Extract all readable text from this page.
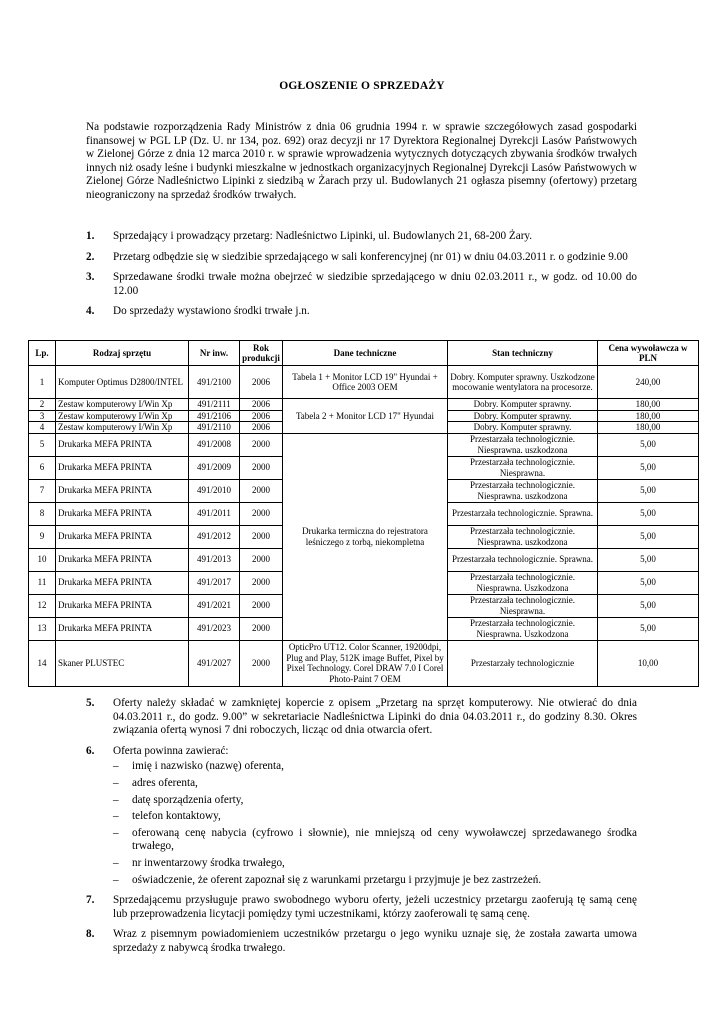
OGŁOSZENIE O SPRZEDAŻY

Na podstawie rozporządzenia Rady Ministrów z dnia 06 grudnia 1994 r. w sprawie szczegółowych zasad gospodarki finansowej w PGL LP (Dz. U. nr 134, poz. 692) oraz decyzji nr 17 Dyrektora Regionalnej Dyrekcji Lasów Państwowych w Zielonej Górze z dnia 12 marca 2010 r. w sprawie wprowadzenia wytycznych dotyczących zbywania środków trwałych innych niż osady leśne i budynki mieszkalne w jednostkach organizacyjnych Regionalnej Dyrekcji Lasów Państwowych w Zielonej Górze Nadleśnictwo Lipinki z siedzibą w Żarach przy ul. Budowlanych 21 ogłasza pisemny (ofertowy) przetarg nieograniczony na sprzedaż środków trwałych.

1. Sprzedający i prowadzący przetarg: Nadleśnictwo Lipinki, ul. Budowlanych 21, 68-200 Żary.
2. Przetarg odbędzie się w siedzibie sprzedającego w sali konferencyjnej (nr 01) w dniu 04.03.2011 r. o godzinie 9.00
3. Sprzedawane środki trwałe można obejrzeć w siedzibie sprzedającego w dniu 02.03.2011 r., w godz. od 10.00 do 12.00
4. Do sprzedaży wystawiono środki trwałe j.n.
Lp.	Rodzaj sprzętu	Nr inw.	Rok produkcji	Dane techniczne	Stan techniczny	Cena wywoławcza w PLN
1	Komputer Optimus D2800/INTEL	491/2100	2006	Tabela 1 + Monitor LCD 19" Hyundai + Office 2003 OEM	Dobry. Komputer sprawny. Uszkodzone mocowanie wentylatora na procesorze.	240,00
2	Zestaw komputerowy I/Win Xp	491/2111	2006	Tabela 2 + Monitor LCD 17" Hyundai	Dobry. Komputer sprawny.	180,00
3	Zestaw komputerowy I/Win Xp	491/2106	2006		Dobry. Komputer sprawny.	180,00
4	Zestaw komputerowy I/Win Xp	491/2110	2006		Dobry. Komputer sprawny.	180,00
5	Drukarka MEFA PRINTA	491/2008	2000	Drukarka termiczna do rejestratora leśniczego z torbą, niekompletna	Przestarzała technologicznie. Niesprawna. uszkodzona	5,00
6	Drukarka MEFA PRINTA	491/2009	2000		Przestarzała technologicznie. Niesprawna.	5,00
7	Drukarka MEFA PRINTA	491/2010	2000		Przestarzała technologicznie. Niesprawna. uszkodzona	5,00
8	Drukarka MEFA PRINTA	491/2011	2000		Przestarzała technologicznie. Sprawna.	5,00
9	Drukarka MEFA PRINTA	491/2012	2000		Przestarzała technologicznie. Niesprawna. uszkodzona	5,00
10	Drukarka MEFA PRINTA	491/2013	2000		Przestarzała technologicznie. Sprawna.	5,00
11	Drukarka MEFA PRINTA	491/2017	2000		Przestarzała technologicznie. Niesprawna. Uszkodzona	5,00
12	Drukarka MEFA PRINTA	491/2021	2000		Przestarzała technologicznie. Niesprawna.	5,00
13	Drukarka MEFA PRINTA	491/2023	2000		Przestarzała technologicznie. Niesprawna. Uszkodzona	5,00
14	Skaner PLUSTEC	491/2027	2000	OpticPro UT12. Color Scanner, 19200dpi, Plug and Play, 512K image Buffet, Pixel by Pixel Technology. Corel DRAW 7.0 I Corel Photo-Paint 7 OEM	Przestarzały technologicznie	10,00
5. Oferty należy składać w zamkniętej kopercie z opisem „Przetarg na sprzęt komputerowy. Nie otwierać do dnia 04.03.2011 r., do godz. 9.00” w sekretariacie Nadleśnictwa Lipinki do dnia 04.03.2011 r., do godziny 8.30. Okres związania ofertą wynosi 7 dni roboczych, licząc od dnia otwarcia ofert.
6. Oferta powinna zawierać:
– imię i nazwisko (nazwę) oferenta,
– adres oferenta,
– datę sporządzenia oferty,
– telefon kontaktowy,
– oferowaną cenę nabycia (cyfrowo i słownie), nie mniejszą od ceny wywoławczej sprzedawanego środka trwałego,
– nr inwentarzowy środka trwałego,
– oświadczenie, że oferent zapoznał się z warunkami przetargu i przyjmuje je bez zastrzeżeń.
7. Sprzedającemu przysługuje prawo swobodnego wyboru oferty, jeżeli uczestnicy przetargu zaoferują tę samą cenę lub przeprowadzenia licytacji pomiędzy tymi uczestnikami, którzy zaoferowali tę samą cenę.
8. Wraz z pisemnym powiadomieniem uczestników przetargu o jego wyniku uznaje się, że została zawarta umowa sprzedaży z nabywcą środka trwałego.
